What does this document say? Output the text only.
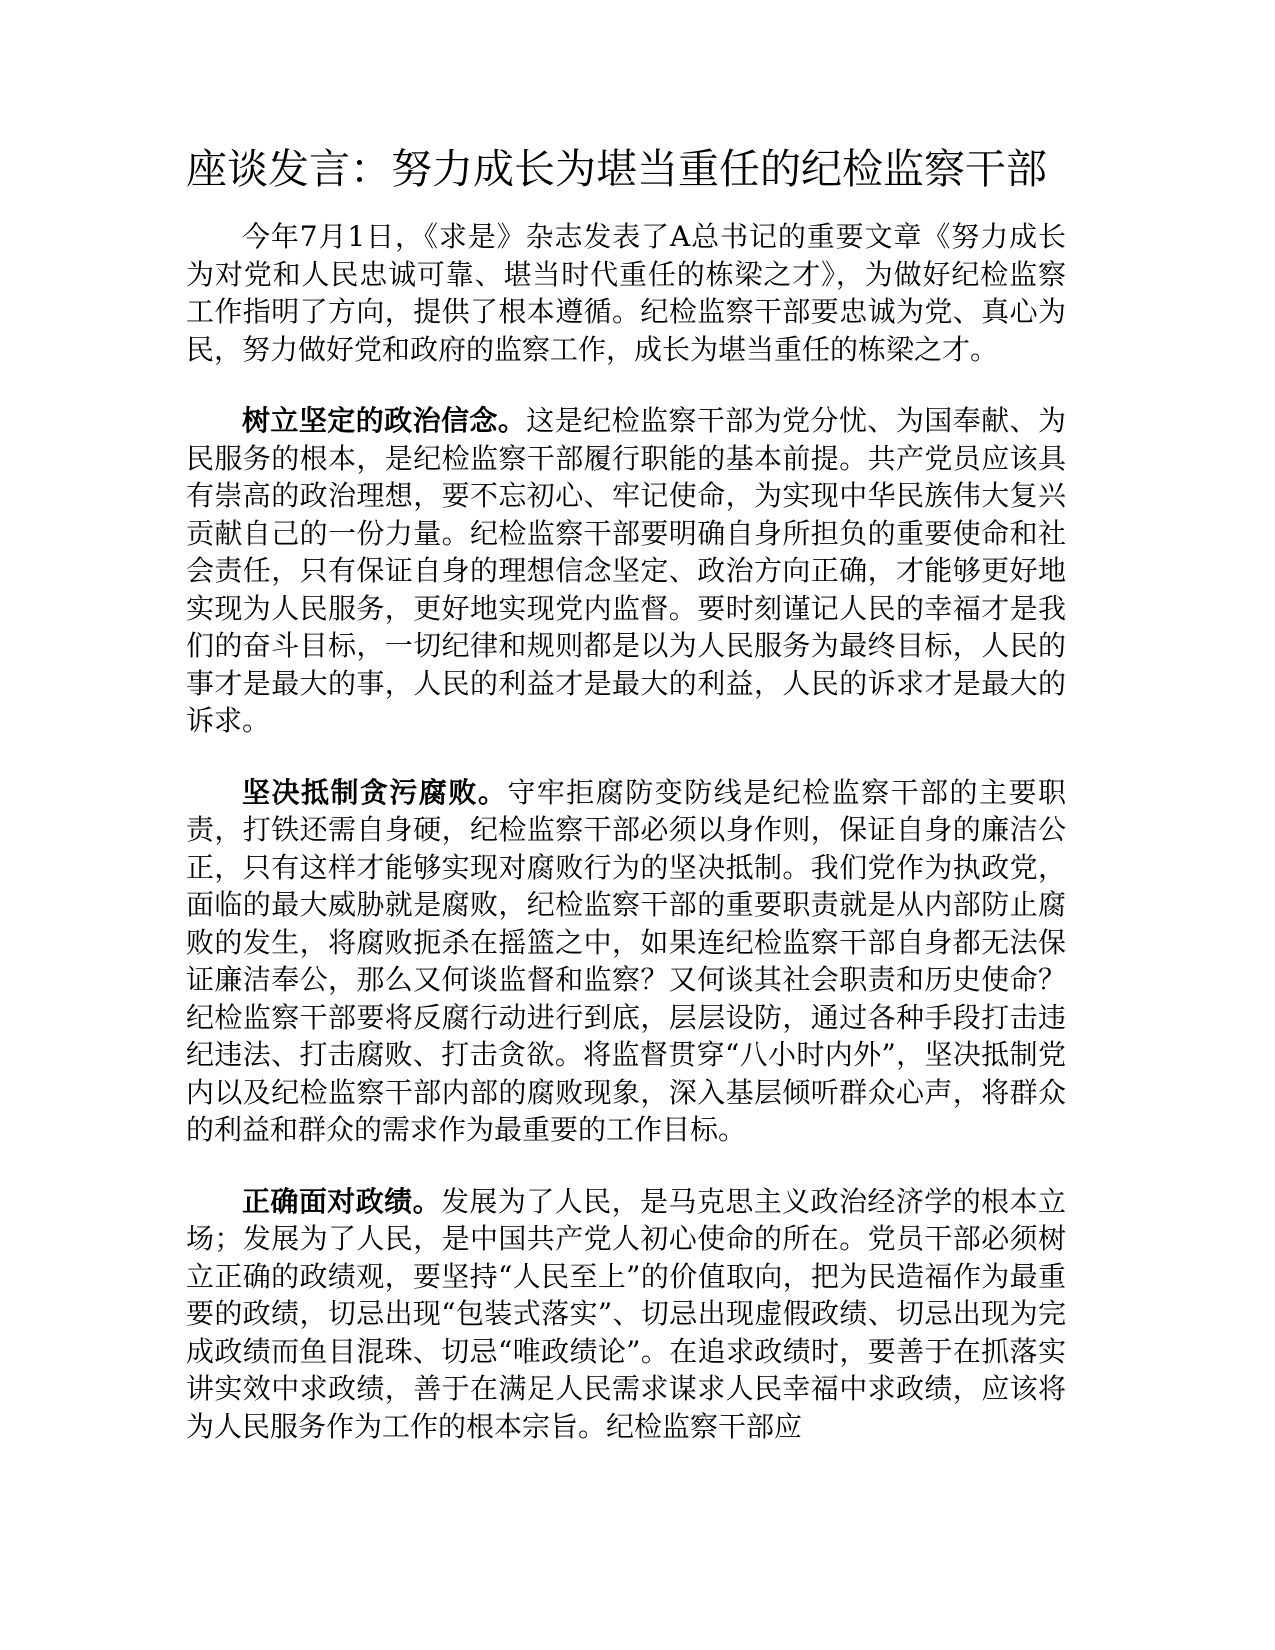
座谈发言：努力成长为堪当重任的纪检监察干部

今年7月1日，《求是》杂志发表了A总书记的重要文章《努力成长为对党和人民忠诚可靠、堪当时代重任的栋梁之才》，为做好纪检监察工作指明了方向，提供了根本遵循。纪检监察干部要忠诚为党、真心为民，努力做好党和政府的监察工作，成长为堪当重任的栋梁之才。

树立坚定的政治信念。这是纪检监察干部为党分忧、为国奉献、为民服务的根本，是纪检监察干部履行职能的基本前提。共产党员应该具有崇高的政治理想，要不忘初心、牢记使命，为实现中华民族伟大复兴贡献自己的一份力量。纪检监察干部要明确自身所担负的重要使命和社会责任，只有保证自身的理想信念坚定、政治方向正确，才能够更好地实现为人民服务，更好地实现党内监督。要时刻谨记人民的幸福才是我们的奋斗目标，一切纪律和规则都是以为人民服务为最终目标，人民的事才是最大的事，人民的利益才是最大的利益，人民的诉求才是最大的诉求。

坚决抵制贪污腐败。守牢拒腐防变防线是纪检监察干部的主要职责，打铁还需自身硬，纪检监察干部必须以身作则，保证自身的廉洁公正，只有这样才能够实现对腐败行为的坚决抵制。我们党作为执政党，面临的最大威胁就是腐败，纪检监察干部的重要职责就是从内部防止腐败的发生，将腐败扼杀在摇篮之中，如果连纪检监察干部自身都无法保证廉洁奉公，那么又何谈监督和监察？又何谈其社会职责和历史使命？纪检监察干部要将反腐行动进行到底，层层设防，通过各种手段打击违纪违法、打击腐败、打击贪欲。将监督贯穿“八小时内外”，坚决抵制党内以及纪检监察干部内部的腐败现象，深入基层倾听群众心声，将群众的利益和群众的需求作为最重要的工作目标。

正确面对政绩。发展为了人民，是马克思主义政治经济学的根本立场；发展为了人民，是中国共产党人初心使命的所在。党员干部必须树立正确的政绩观，要坚持“人民至上”的价值取向，把为民造福作为最重要的政绩，切忌出现“包装式落实”、切忌出现虚假政绩、切忌出现为完成政绩而鱼目混珠、切忌“唯政绩论”。在追求政绩时，要善于在抓落实讲实效中求政绩，善于在满足人民需求谋求人民幸福中求政绩，应该将为人民服务作为工作的根本宗旨。纪检监察干部应
